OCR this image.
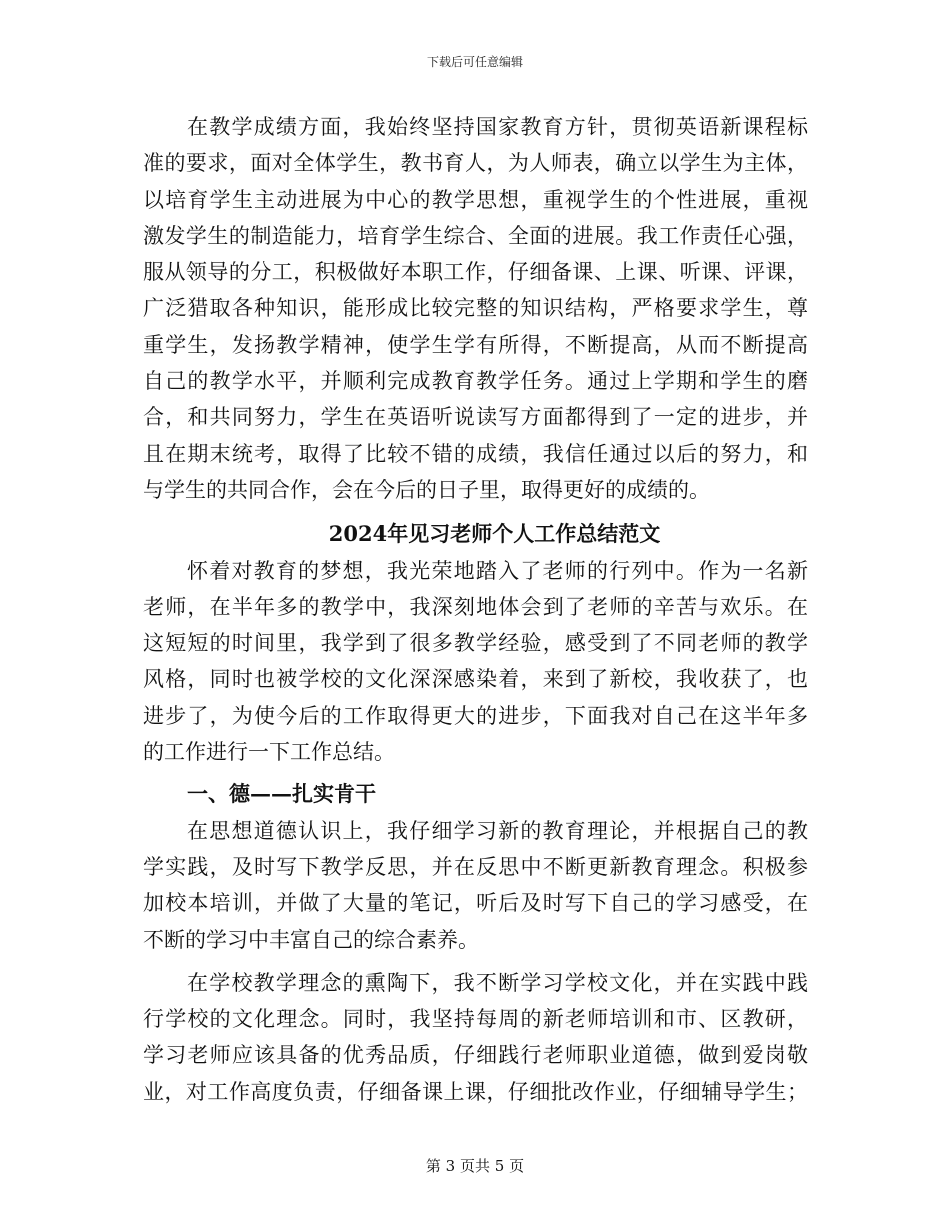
下载后可任意编辑
在教学成绩方面，我始终坚持国家教育方针，贯彻英语新课程标
准的要求，面对全体学生，教书育人，为人师表，确立以学生为主体，
以培育学生主动进展为中心的教学思想，重视学生的个性进展，重视
激发学生的制造能力，培育学生综合、全面的进展。我工作责任心强，
服从领导的分工，积极做好本职工作，仔细备课、上课、听课、评课，
广泛猎取各种知识，能形成比较完整的知识结构，严格要求学生，尊
重学生，发扬教学精神，使学生学有所得，不断提高，从而不断提高
自己的教学水平，并顺利完成教育教学任务。通过上学期和学生的磨
合，和共同努力，学生在英语听说读写方面都得到了一定的进步，并
且在期末统考，取得了比较不错的成绩，我信任通过以后的努力，和
与学生的共同合作，会在今后的日子里，取得更好的成绩的。
2024年见习老师个人工作总结范文
怀着对教育的梦想，我光荣地踏入了老师的行列中。作为一名新
老师，在半年多的教学中，我深刻地体会到了老师的辛苦与欢乐。在
这短短的时间里，我学到了很多教学经验，感受到了不同老师的教学
风格，同时也被学校的文化深深感染着，来到了新校，我收获了，也
进步了，为使今后的工作取得更大的进步，下面我对自己在这半年多
的工作进行一下工作总结。
一、德——扎实肯干
在思想道德认识上，我仔细学习新的教育理论，并根据自己的教
学实践，及时写下教学反思，并在反思中不断更新教育理念。积极参
加校本培训，并做了大量的笔记，听后及时写下自己的学习感受，在
不断的学习中丰富自己的综合素养。
在学校教学理念的熏陶下，我不断学习学校文化，并在实践中践
行学校的文化理念。同时，我坚持每周的新老师培训和市、区教研，
学习老师应该具备的优秀品质，仔细践行老师职业道德，做到爱岗敬
业，对工作高度负责，仔细备课上课，仔细批改作业，仔细辅导学生；
第 3 页共 5 页
